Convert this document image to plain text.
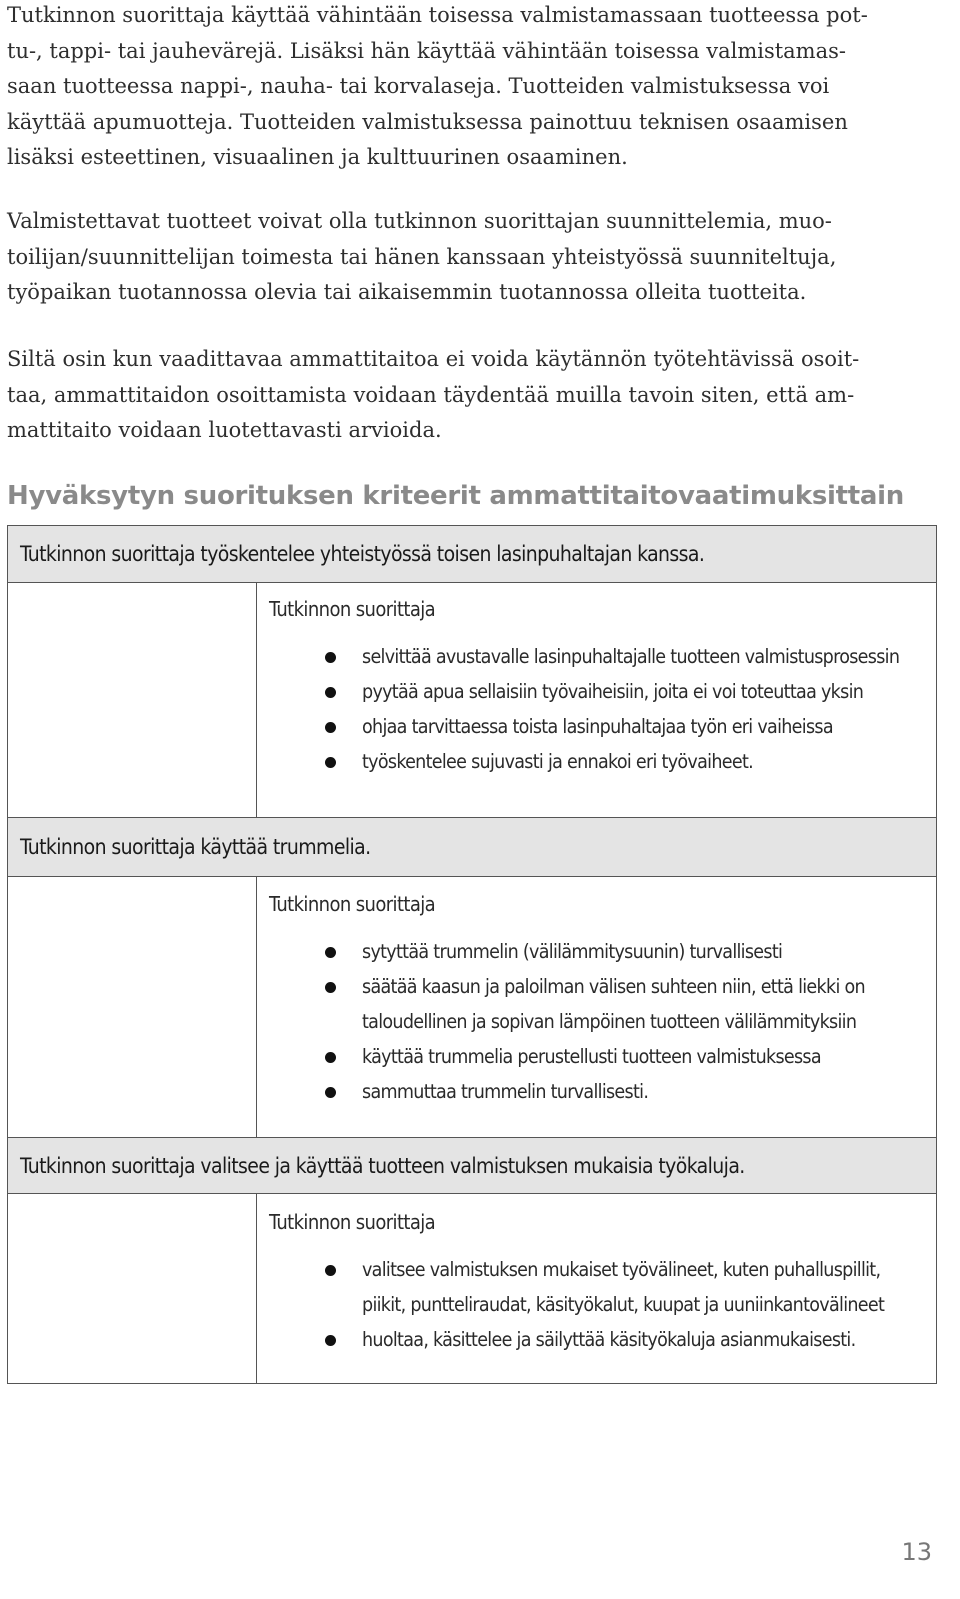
Tutkinnon suorittaja käyttää vähintään toisessa valmistamassaan tuotteessa pot-
tu-, tappi- tai jauhevärejä. Lisäksi hän käyttää vähintään toisessa valmistamas-
saan tuotteessa nappi-, nauha- tai korvalaseja. Tuotteiden valmistuksessa voi
käyttää apumuotteja. Tuotteiden valmistuksessa painottuu teknisen osaamisen
lisäksi esteettinen, visuaalinen ja kulttuurinen osaaminen.
Valmistettavat tuotteet voivat olla tutkinnon suorittajan suunnittelemia, muo-
toilijan/suunnittelijan toimesta tai hänen kanssaan yhteistyössä suunniteltuja,
työpaikan tuotannossa olevia tai aikaisemmin tuotannossa olleita tuotteita.
Siltä osin kun vaadittavaa ammattitaitoa ei voida käytännön työtehtävissä osoit-
taa, ammattitaidon osoittamista voidaan täydentää muilla tavoin siten, että am-
mattitaito voidaan luotettavasti arvioida.
Hyväksytyn suorituksen kriteerit ammattitaitovaatimuksittain
Tutkinnon suorittaja työskentelee yhteistyössä toisen lasinpuhaltajan kanssa.
Tutkinnon suorittaja
selvittää avustavalle lasinpuhaltajalle tuotteen valmistusprosessin
pyytää apua sellaisiin työvaiheisiin, joita ei voi toteuttaa yksin
ohjaa tarvittaessa toista lasinpuhaltajaa työn eri vaiheissa
työskentelee sujuvasti ja ennakoi eri työvaiheet.
Tutkinnon suorittaja käyttää trummelia.
Tutkinnon suorittaja
sytyttää trummelin (välilämmitysuunin) turvallisesti
säätää kaasun ja paloilman välisen suhteen niin, että liekki on
taloudellinen ja sopivan lämpöinen tuotteen välilämmityksiin
käyttää trummelia perustellusti tuotteen valmistuksessa
sammuttaa trummelin turvallisesti.
Tutkinnon suorittaja valitsee ja käyttää tuotteen valmistuksen mukaisia työkaluja.
Tutkinnon suorittaja
valitsee valmistuksen mukaiset työvälineet, kuten puhalluspillit,
piikit, puntteliraudat, käsityökalut, kuupat ja uuniinkantovälineet
huoltaa, käsittelee ja säilyttää käsityökaluja asianmukaisesti.
13
